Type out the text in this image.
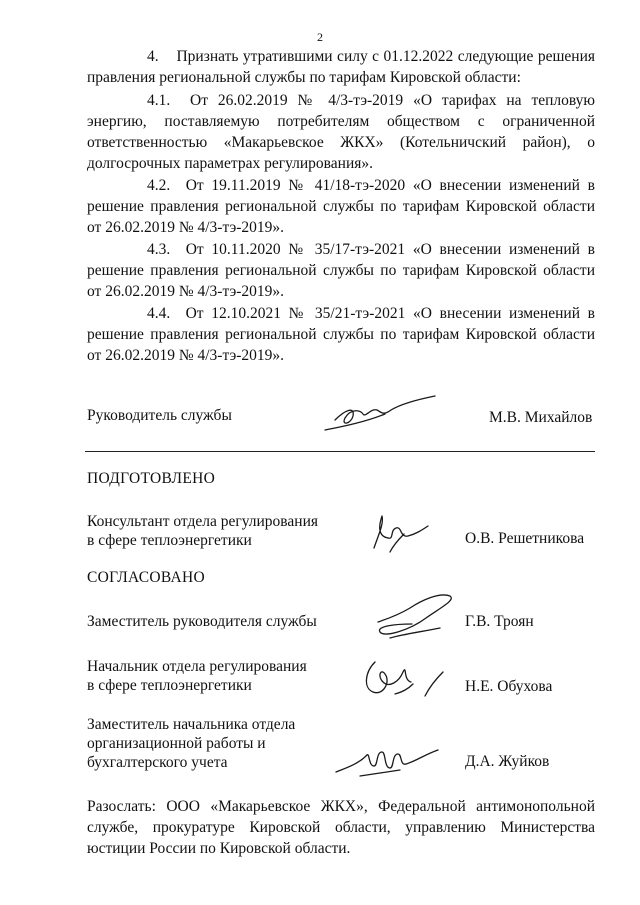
2

4.    Признать утратившими силу с 01.12.2022 следующие решения правления региональной службы по тарифам Кировской области:

4.1.  От 26.02.2019 № 4/3-тэ-2019 «О тарифах на тепловую энергию, поставляемую потребителям обществом с ограниченной ответственностью «Макарьевское ЖКХ» (Котельничский район), о долгосрочных параметрах регулирования».

4.2.  От 19.11.2019 № 41/18-тэ-2020 «О внесении изменений в решение правления региональной службы по тарифам Кировской области от 26.02.2019 № 4/3-тэ-2019».

4.3.  От 10.11.2020 № 35/17-тэ-2021 «О внесении изменений в решение правления региональной службы по тарифам Кировской области от 26.02.2019 № 4/3-тэ-2019».

4.4.  От 12.10.2021 № 35/21-тэ-2021 «О внесении изменений в решение правления региональной службы по тарифам Кировской области от 26.02.2019 № 4/3-тэ-2019».

Руководитель службы	М.В. Михайлов
ПОДГОТОВЛЕНО
Консультант отдела регулирования
в сфере теплоэнергетики	О.В. Решетникова
СОГЛАСОВАНО
Заместитель руководителя службы	Г.В. Троян
Начальник отдела регулирования
в сфере теплоэнергетики	Н.Е. Обухова
Заместитель начальника отдела
организационной работы и
бухгалтерского учета	Д.А. Жуйков

Разослать: ООО «Макарьевское ЖКХ», Федеральной антимонопольной службе, прокуратуре Кировской области, управлению Министерства юстиции России по Кировской области.
